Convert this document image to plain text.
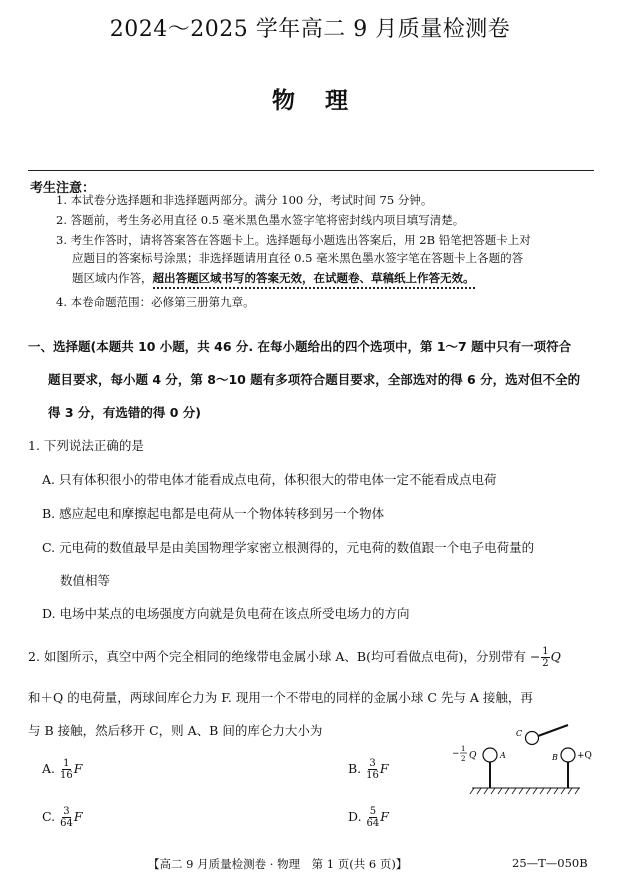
2024～2025 学年高二 9 月质量检测卷
物理
考生注意：
1. 本试卷分选择题和非选择题两部分。满分 100 分，考试时间 75 分钟。
2. 答题前，考生务必用直径 0.5 毫米黑色墨水签字笔将密封线内项目填写清楚。
3. 考生作答时，请将答案答在答题卡上。选择题每小题选出答案后，用 2B 铅笔把答题卡上对
应题目的答案标号涂黑；非选择题请用直径 0.5 毫米黑色墨水签字笔在答题卡上各题的答
题区域内作答，超出答题区域书写的答案无效，在试题卷、草稿纸上作答无效。
4. 本卷命题范围：必修第三册第九章。
一、选择题(本题共 10 小题，共 46 分. 在每小题给出的四个选项中，第 1～7 题中只有一项符合
题目要求，每小题 4 分，第 8～10 题有多项符合题目要求，全部选对的得 6 分，选对但不全的
得 3 分，有选错的得 0 分)
1. 下列说法正确的是
A. 只有体积很小的带电体才能看成点电荷，体积很大的带电体一定不能看成点电荷
B. 感应起电和摩擦起电都是电荷从一个物体转移到另一个物体
C. 元电荷的数值最早是由美国物理学家密立根测得的，元电荷的数值跟一个电子电荷量的
数值相等
D. 电场中某点的电场强度方向就是负电荷在该点所受电场力的方向
2. 如图所示，真空中两个完全相同的绝缘带电金属小球 A、B(均可看做点电荷)，分别带有 − $\frac{1}{2}$ Q
和＋Q 的电荷量，两球间库仑力为 F. 现用一个不带电的同样的金属小球 C 先与 A 接触，再
与 B 接触，然后移开 C，则 A、B 间的库仑力大小为
A. $\frac{1}{16}$ F	B. $\frac{3}{16}$ F
C. $\frac{3}{64}$ F	D. $\frac{5}{64}$ F
− 1
2 Q	A	B
C
+Q
【高二 9 月质量检测卷 · 物理　第 1 页(共 6 页)】	25—T—050B
